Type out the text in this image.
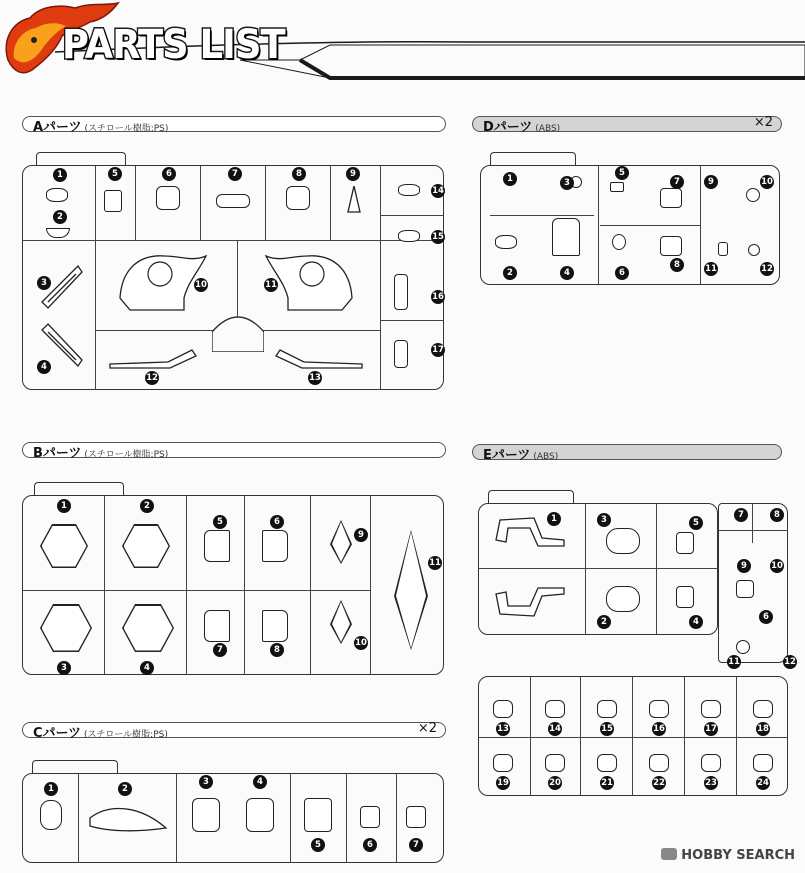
PARTS LIST
Aパーツ (スチロール樹脂:PS)
1
2
3
4
5	6	7	8	9
10	11
12	13
14
15
16
17
Dパーツ (ABS)	×2
1
2
3
4
5
6
7
8
9	10
11	12
Bパーツ (スチロール樹脂:PS)
1	2
3	4
5	6
7	8
9
10
11
Eパーツ (ABS)
1
2
3
4
5
6
7	8
9	10
11	12
13	14	15	16	17	18
19	20	21	22	23	24
Cパーツ (スチロール樹脂:PS)	×2
1	2
3	4
5	6	7
HOBBY SEARCH
